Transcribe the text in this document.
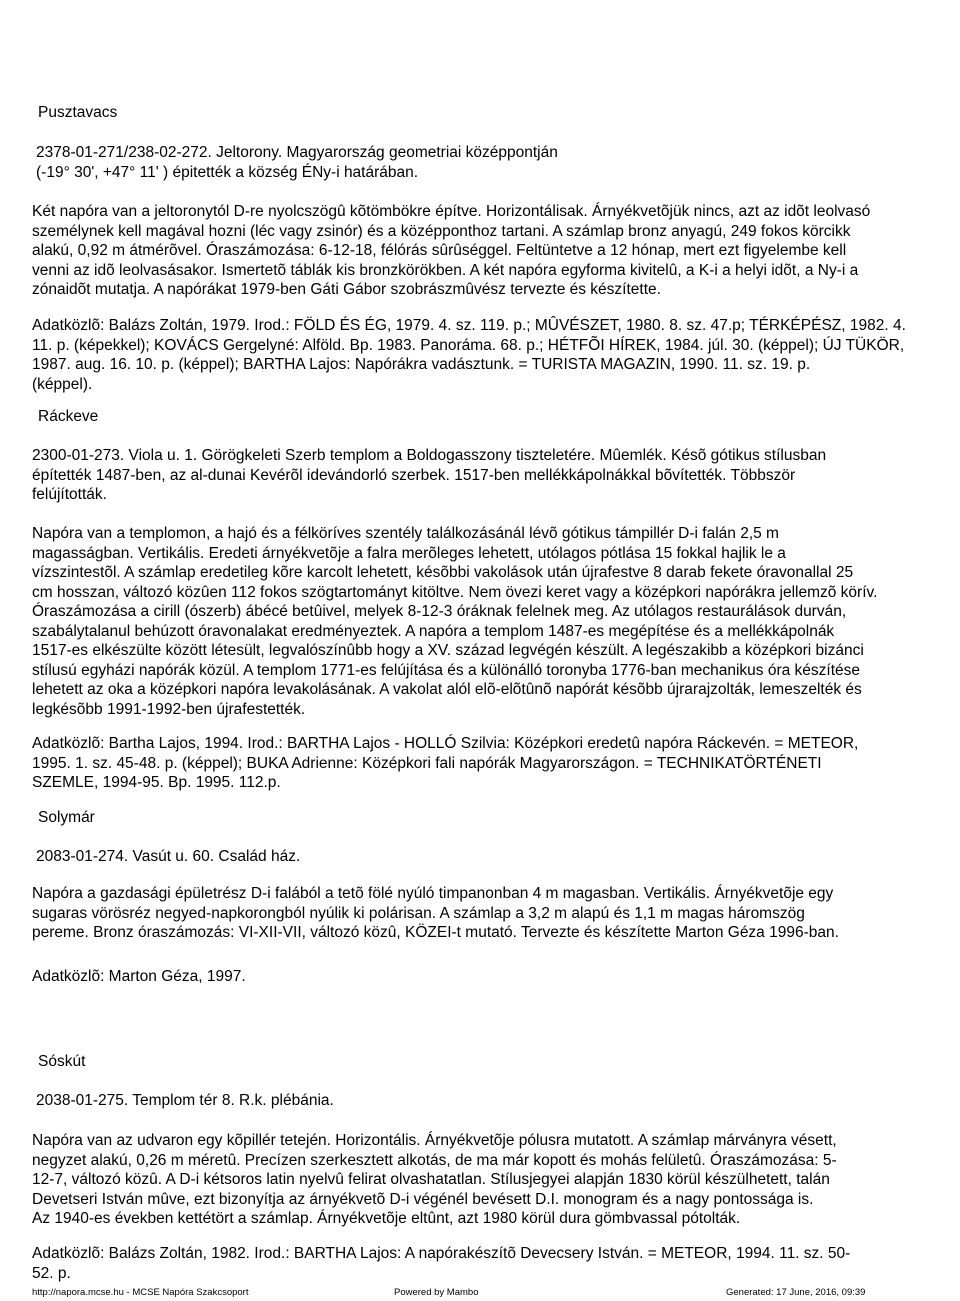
Pusztavacs
2378-01-271/238-02-272. Jeltorony. Magyarország geometriai középpontján
(-19° 30', +47° 11' ) épitették a község ÉNy-i határában.
Két napóra van a jeltoronytól D-re nyolcszögû kõtömbökre építve. Horizontálisak. Árnyékvetõjük nincs, azt az idõt leolvasó
személynek kell magával hozni (léc vagy zsinór) és a középponthoz tartani. A számlap bronz anyagú, 249 fokos körcikk
alakú, 0,92 m átmérõvel. Óraszámozása: 6-12-18, félórás sûrûséggel. Feltüntetve a 12 hónap, mert ezt figyelembe kell
venni az idõ leolvasásakor. Ismertetõ táblák kis bronzkörökben. A két napóra egyforma kivitelû, a K-i a helyi idõt, a Ny-i a
zónaidõt mutatja. A napórákat 1979-ben Gáti Gábor szobrászmûvész tervezte és készítette.
Adatközlõ: Balázs Zoltán, 1979. Irod.: FÖLD ÉS ÉG, 1979. 4. sz. 119. p.; MÛVÉSZET, 1980. 8. sz. 47.p; TÉRKÉPÉSZ, 1982. 4.
11. p. (képekkel); KOVÁCS Gergelyné: Alföld. Bp. 1983. Panoráma. 68. p.; HÉTFÕI HÍREK, 1984. júl. 30. (képpel); ÚJ TÜKÖR,
1987. aug. 16. 10. p. (képpel); BARTHA Lajos: Napórákra vadásztunk. = TURISTA MAGAZIN, 1990. 11. sz. 19. p.
(képpel).
Ráckeve
2300-01-273. Viola u. 1. Görögkeleti Szerb templom a Boldogasszony tiszteletére. Mûemlék. Késõ gótikus stílusban
építették 1487-ben, az al-dunai Kevérõl idevándorló szerbek. 1517-ben mellékkápolnákkal bõvítették. Többször
felújították.
Napóra van a templomon, a hajó és a félköríves szentély találkozásánál lévõ gótikus támpillér D-i falán 2,5 m
magasságban. Vertikális. Eredeti árnyékvetõje a falra merõleges lehetett, utólagos pótlása 15 fokkal hajlik le a
vízszintestõl. A számlap eredetileg kõre karcolt lehetett, késõbbi vakolások után újrafestve 8 darab fekete óravonallal 25
cm hosszan, változó közûen 112 fokos szögtartományt kitöltve. Nem övezi keret vagy a középkori napórákra jellemzõ körív.
Óraszámozása a cirill (ószerb) ábécé betûivel, melyek 8-12-3 óráknak felelnek meg. Az utólagos restaurálások durván,
szabálytalanul behúzott óravonalakat eredményeztek. A napóra a templom 1487-es megépítése és a mellékkápolnák
1517-es elkészülte között létesült, legvalószínûbb hogy a XV. század legvégén készült. A legészakibb a középkori bizánci
stílusú egyházi napórák közül. A templom 1771-es felújítása és a különálló toronyba 1776-ban mechanikus óra készítése
lehetett az oka a középkori napóra levakolásának. A vakolat alól elõ-elõtûnõ napórát késõbb újrarajzolták, lemeszelték és
legkésõbb 1991-1992-ben újrafestették.
Adatközlõ: Bartha Lajos, 1994. Irod.: BARTHA Lajos - HOLLÓ Szilvia: Középkori eredetû napóra Ráckevén. = METEOR,
1995. 1. sz. 45-48. p. (képpel); BUKA Adrienne: Középkori fali napórák Magyarországon. = TECHNIKATÖRTÉNETI
SZEMLE, 1994-95. Bp. 1995. 112.p.
Solymár
2083-01-274. Vasút u. 60. Család ház.
Napóra a gazdasági épületrész D-i falából a tetõ fölé nyúló timpanonban 4 m magasban. Vertikális. Árnyékvetõje egy
sugaras vörösréz negyed-napkorongból nyúlik ki polárisan. A számlap a 3,2 m alapú és 1,1 m magas háromszög
pereme. Bronz óraszámozás: VI-XII-VII, változó közû, KÖZEI-t mutató. Tervezte és készítette Marton Géza 1996-ban.
Adatközlõ: Marton Géza, 1997.
Sóskút
2038-01-275. Templom tér 8. R.k. plébánia.
Napóra van az udvaron egy kõpillér tetején. Horizontális. Árnyékvetõje pólusra mutatott. A számlap márványra vésett,
negyzet alakú, 0,26 m méretû. Precízen szerkesztett alkotás, de ma már kopott és mohás felületû. Óraszámozása: 5-
12-7, változó közû. A D-i kétsoros latin nyelvû felirat olvashatatlan. Stílusjegyei alapján 1830 körül készülhetett, talán
Devetseri István mûve, ezt bizonyítja az árnyékvetõ D-i végénél bevésett D.I. monogram és a nagy pontossága is.
Az 1940-es években kettétört a számlap. Árnyékvetõje eltûnt, azt 1980 körül dura gömbvassal pótolták.
Adatközlõ: Balázs Zoltán, 1982. Irod.: BARTHA Lajos: A napórakészítõ Devecsery István. = METEOR, 1994. 11. sz. 50-
52. p.
http://napora.mcse.hu - MCSE Napóra Szakcsoport	Powered by Mambo	Generated: 17 June, 2016, 09:39
